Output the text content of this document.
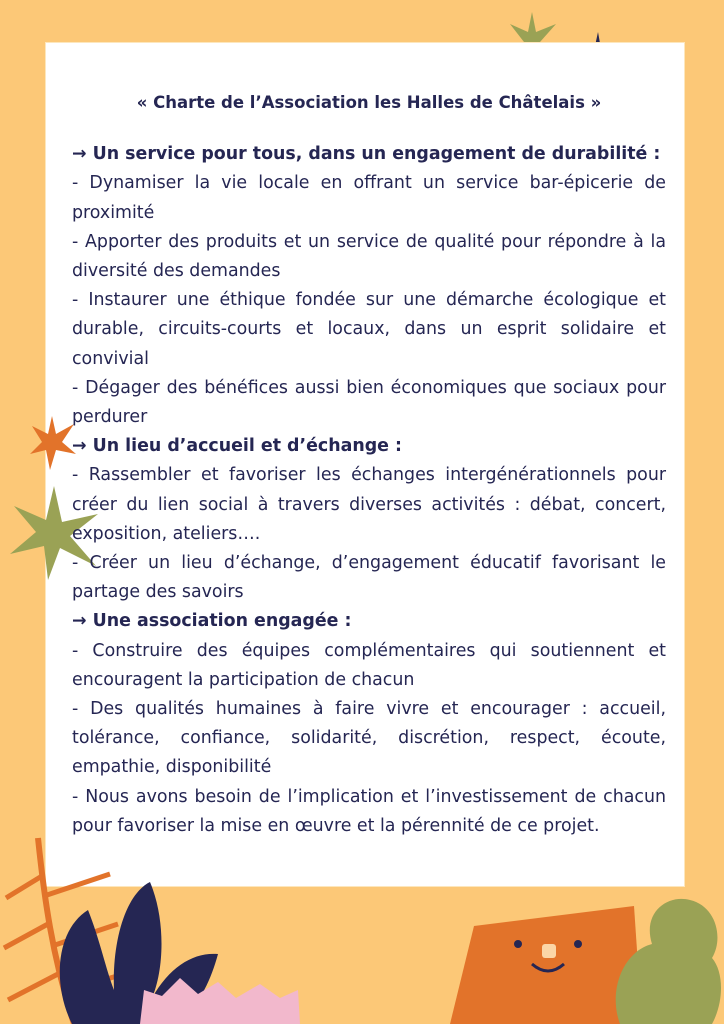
« Charte de l’Association les Halles de Châtelais »

→ Un service pour tous, dans un engagement de durabilité :

- Dynamiser la vie locale en offrant un service bar-épicerie de proximité

- Apporter des produits et un service de qualité pour répondre à la diversité des demandes

- Instaurer une éthique fondée sur une démarche écologique et durable, circuits-courts et locaux, dans un esprit solidaire et convivial

- Dégager des bénéfices aussi bien économiques que sociaux pour perdurer

→ Un lieu d’accueil et d’échange :

- Rassembler et favoriser les échanges intergénérationnels pour créer du lien social à travers diverses activités : débat, concert, exposition, ateliers….

- Créer un lieu d’échange, d’engagement éducatif favorisant le partage des savoirs

→ Une association engagée :

- Construire des équipes complémentaires qui soutiennent et encouragent la participation de chacun

- Des qualités humaines à faire vivre et encourager : accueil, tolérance, confiance, solidarité, discrétion, respect, écoute, empathie, disponibilité

- Nous avons besoin de l’implication et l’investissement de chacun pour favoriser la mise en œuvre et la pérennité de ce projet.
